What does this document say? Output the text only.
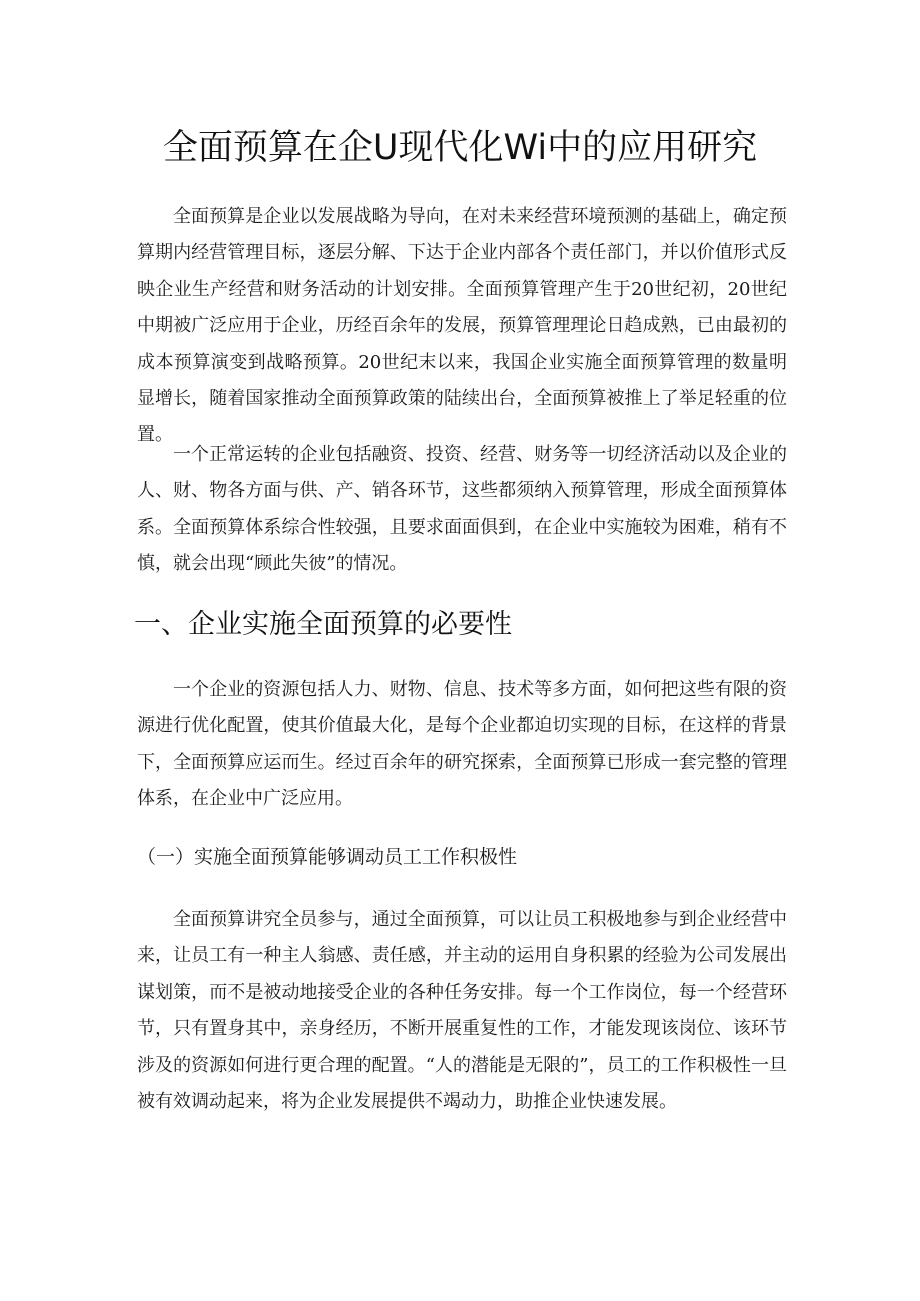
全面预算在企U现代化Wi中的应用研究

全面预算是企业以发展战略为导向，在对未来经营环境预测的基础上，确定预算期内经营管理目标，逐层分解、下达于企业内部各个责任部门，并以价值形式反映企业生产经营和财务活动的计划安排。全面预算管理产生于20世纪初，20世纪中期被广泛应用于企业，历经百余年的发展，预算管理理论日趋成熟，已由最初的成本预算演变到战略预算。20世纪末以来，我国企业实施全面预算管理的数量明显增长，随着国家推动全面预算政策的陆续出台，全面预算被推上了举足轻重的位置。

一个正常运转的企业包括融资、投资、经营、财务等一切经济活动以及企业的人、财、物各方面与供、产、销各环节，这些都须纳入预算管理，形成全面预算体系。全面预算体系综合性较强，且要求面面俱到，在企业中实施较为困难，稍有不慎，就会出现“顾此失彼”的情况。

一、企业实施全面预算的必要性

一个企业的资源包括人力、财物、信息、技术等多方面，如何把这些有限的资源进行优化配置，使其价值最大化，是每个企业都迫切实现的目标，在这样的背景下，全面预算应运而生。经过百余年的研究探索，全面预算已形成一套完整的管理体系，在企业中广泛应用。

（一）实施全面预算能够调动员工工作积极性

全面预算讲究全员参与，通过全面预算，可以让员工积极地参与到企业经营中来，让员工有一种主人翁感、责任感，并主动的运用自身积累的经验为公司发展出谋划策，而不是被动地接受企业的各种任务安排。每一个工作岗位，每一个经营环节，只有置身其中，亲身经历，不断开展重复性的工作，才能发现该岗位、该环节涉及的资源如何进行更合理的配置。“人的潜能是无限的”，员工的工作积极性一旦被有效调动起来，将为企业发展提供不竭动力，助推企业快速发展。
